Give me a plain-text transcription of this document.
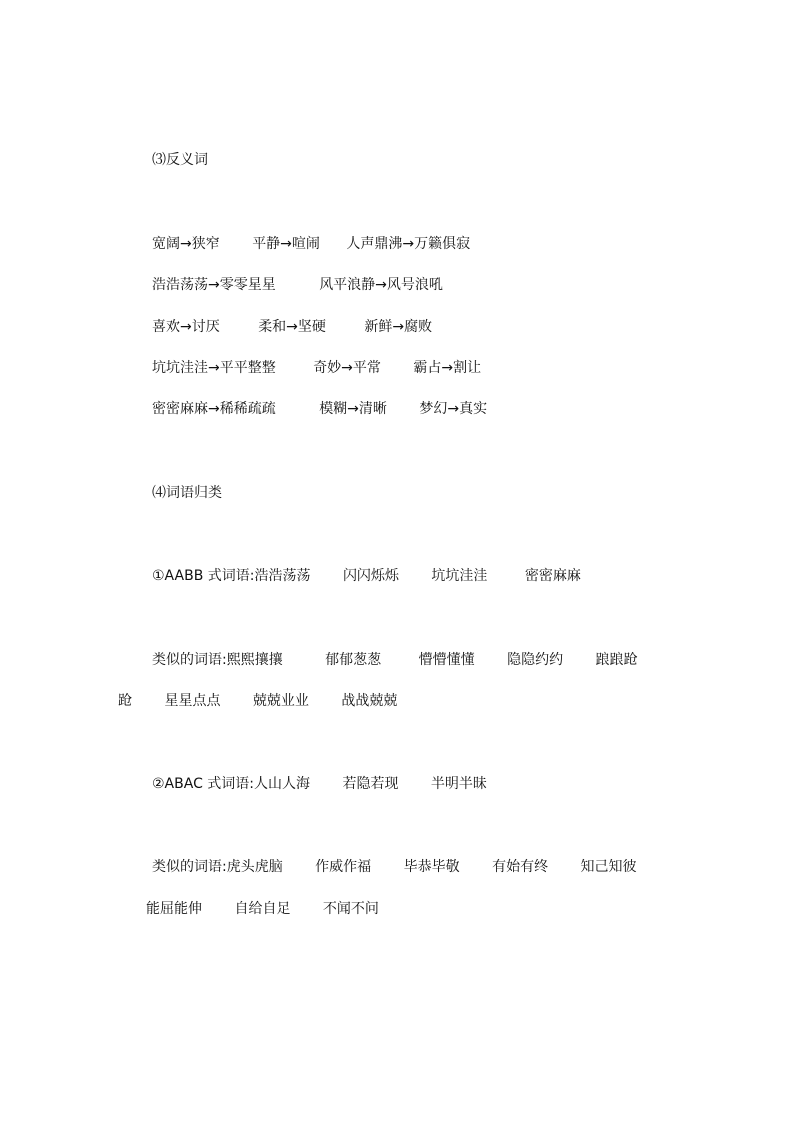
⑶反义词
宽阔→狭窄 平静→喧闹 人声鼎沸→万籁俱寂
浩浩荡荡→零零星星	风平浪静→风号浪吼
喜欢→讨厌	柔和→坚硬	新鲜→腐败
坑坑洼洼→平平整整	奇妙→平常 霸占→割让
密密麻麻→稀稀疏疏	模糊→清晰 梦幻→真实
⑷词语归类
①AABB 式词语:浩浩荡荡 闪闪烁烁 坑坑洼洼	密密麻麻
类似的词语:熙熙攘攘	郁郁葱葱	懵懵懂懂 隐隐约约 踉踉跄
跄 星星点点 兢兢业业 战战兢兢
②ABAC 式词语:人山人海 若隐若现 半明半昧
类似的词语:虎头虎脑 作威作福 毕恭毕敬 有始有终 知己知彼
能屈能伸 自给自足 不闻不问
